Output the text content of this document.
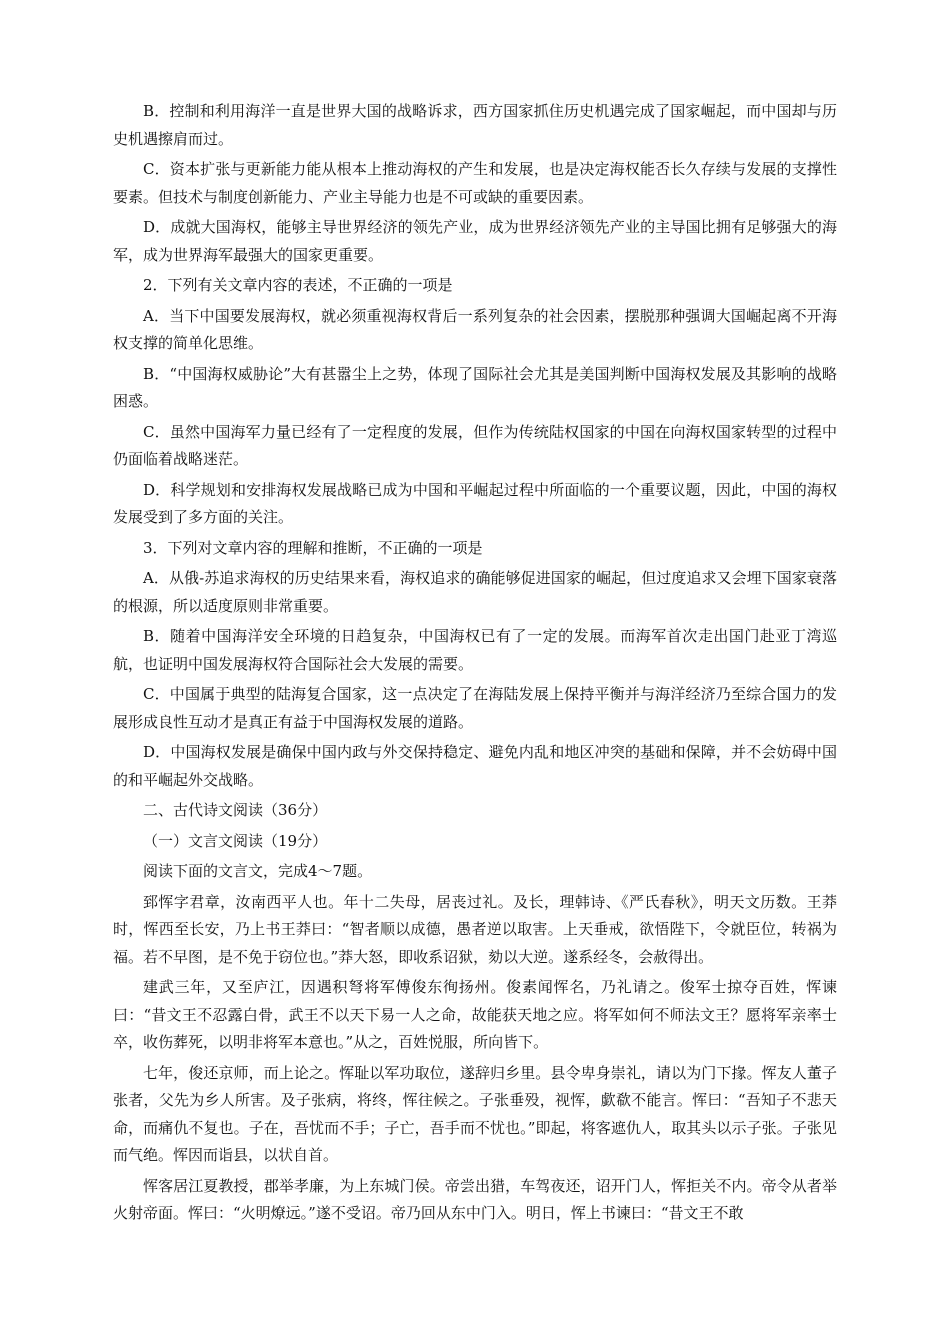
B．控制和利用海洋一直是世界大国的战略诉求，西方国家抓住历史机遇完成了国家崛起，而中国却与历史机遇擦肩而过。

C．资本扩张与更新能力能从根本上推动海权的产生和发展，也是决定海权能否长久存续与发展的支撑性要素。但技术与制度创新能力、产业主导能力也是不可或缺的重要因素。

D．成就大国海权，能够主导世界经济的领先产业，成为世界经济领先产业的主导国比拥有足够强大的海军，成为世界海军最强大的国家更重要。

2．下列有关文章内容的表述，不正确的一项是

A．当下中国要发展海权，就必须重视海权背后一系列复杂的社会因素，摆脱那种强调大国崛起离不开海权支撑的简单化思维。

B．“中国海权威胁论”大有甚嚣尘上之势，体现了国际社会尤其是美国判断中国海权发展及其影响的战略困惑。

C．虽然中国海军力量已经有了一定程度的发展，但作为传统陆权国家的中国在向海权国家转型的过程中仍面临着战略迷茫。

D．科学规划和安排海权发展战略已成为中国和平崛起过程中所面临的一个重要议题，因此，中国的海权发展受到了多方面的关注。

3．下列对文章内容的理解和推断，不正确的一项是

A．从俄-苏追求海权的历史结果来看，海权追求的确能够促进国家的崛起，但过度追求又会埋下国家衰落的根源，所以适度原则非常重要。

B．随着中国海洋安全环境的日趋复杂，中国海权已有了一定的发展。而海军首次走出国门赴亚丁湾巡航，也证明中国发展海权符合国际社会大发展的需要。

C．中国属于典型的陆海复合国家，这一点决定了在海陆发展上保持平衡并与海洋经济乃至综合国力的发展形成良性互动才是真正有益于中国海权发展的道路。

D．中国海权发展是确保中国内政与外交保持稳定、避免内乱和地区冲突的基础和保障，并不会妨碍中国的和平崛起外交战略。

二、古代诗文阅读（36分）

（一）文言文阅读（19分）

阅读下面的文言文，完成4～7题。

郅恽字君章，汝南西平人也。年十二失母，居丧过礼。及长，理韩诗、《严氏春秋》，明天文历数。王莽时，恽西至长安，乃上书王莽曰：“智者顺以成德，愚者逆以取害。上天垂戒，欲悟陛下，令就臣位，转祸为福。若不早图，是不免于窃位也。”莽大怒，即收系诏狱，劾以大逆。遂系经冬，会赦得出。

建武三年，又至庐江，因遇积弩将军傅俊东徇扬州。俊素闻恽名，乃礼请之。俊军士掠夺百姓，恽谏曰：“昔文王不忍露白骨，武王不以天下易一人之命，故能获天地之应。将军如何不师法文王？愿将军亲率士卒，收伤葬死，以明非将军本意也。”从之，百姓悦服，所向皆下。

七年，俊还京师，而上论之。恽耻以军功取位，遂辞归乡里。县令卑身崇礼，请以为门下掾。恽友人董子张者，父先为乡人所害。及子张病，将终，恽往候之。子张垂殁，视恽，歔欷不能言。恽曰：“吾知子不悲天命，而痛仇不复也。子在，吾忧而不手；子亡，吾手而不忧也。”即起，将客遮仇人，取其头以示子张。子张见而气绝。恽因而诣县，以状自首。

恽客居江夏教授，郡举孝廉，为上东城门侯。帝尝出猎，车驾夜还，诏开门人，恽拒关不内。帝令从者举火射帝面。恽曰：“火明燎远。”遂不受诏。帝乃回从东中门入。明日，恽上书谏曰：“昔文王不敢
